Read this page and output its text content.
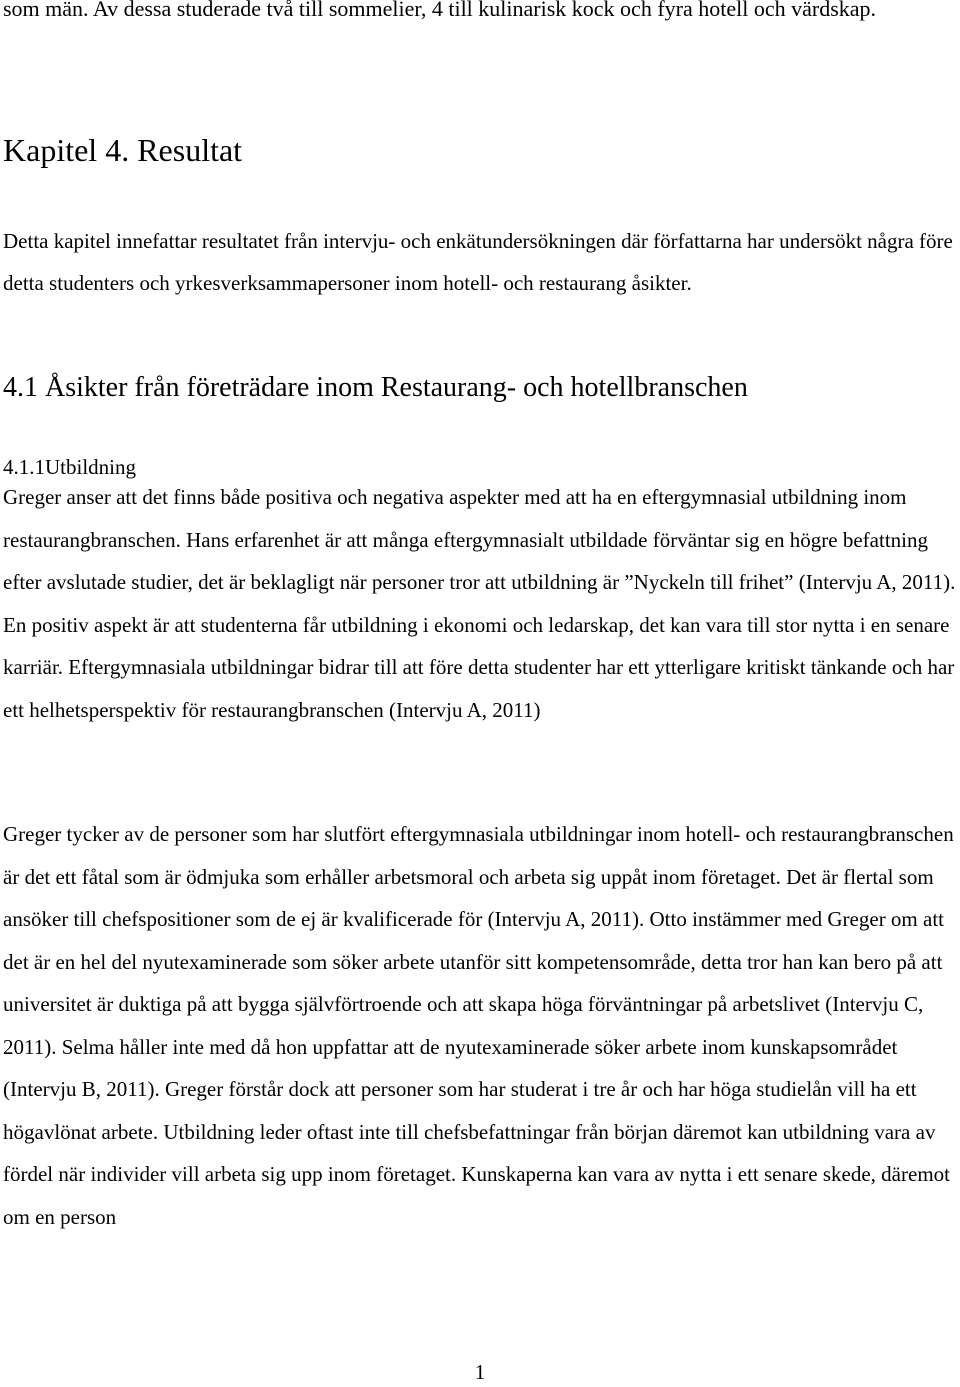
som män. Av dessa studerade två till sommelier, 4 till kulinarisk kock och fyra hotell och värdskap.

Kapitel 4. Resultat

Detta kapitel innefattar resultatet från intervju- och enkätundersökningen där författarna har undersökt några före detta studenters och yrkesverksammapersoner inom hotell- och restaurang åsikter.

4.1 Åsikter från företrädare inom Restaurang- och hotellbranschen
4.1.1Utbildning

Greger anser att det finns både positiva och negativa aspekter med att ha en eftergymnasial utbildning inom restaurangbranschen. Hans erfarenhet är att många eftergymnasialt utbildade förväntar sig en högre befattning efter avslutade studier, det är beklagligt när personer tror att utbildning är ”Nyckeln till frihet” (Intervju A, 2011). En positiv aspekt är att studenterna får utbildning i ekonomi och ledarskap, det kan vara till stor nytta i en senare karriär. Eftergymnasiala utbildningar bidrar till att före detta studenter har ett ytterligare kritiskt tänkande och har ett helhetsperspektiv för restaurangbranschen (Intervju A, 2011)

Greger tycker av de personer som har slutfört eftergymnasiala utbildningar inom hotell- och restaurangbranschen är det ett fåtal som är ödmjuka som erhåller arbetsmoral och arbeta sig uppåt inom företaget. Det är flertal som ansöker till chefspositioner som de ej är kvalificerade för (Intervju A, 2011). Otto instämmer med Greger om att det är en hel del nyutexaminerade som söker arbete utanför sitt kompetensområde, detta tror han kan bero på att universitet är duktiga på att bygga självförtroende och att skapa höga förväntningar på arbetslivet (Intervju C, 2011). Selma håller inte med då hon uppfattar att de nyutexaminerade söker arbete inom kunskapsområdet (Intervju B, 2011). Greger förstår dock att personer som har studerat i tre år och har höga studielån vill ha ett högavlönat arbete. Utbildning leder oftast inte till chefsbefattningar från början däremot kan utbildning vara av fördel när individer vill arbeta sig upp inom företaget. Kunskaperna kan vara av nytta i ett senare skede, däremot om en person

1
